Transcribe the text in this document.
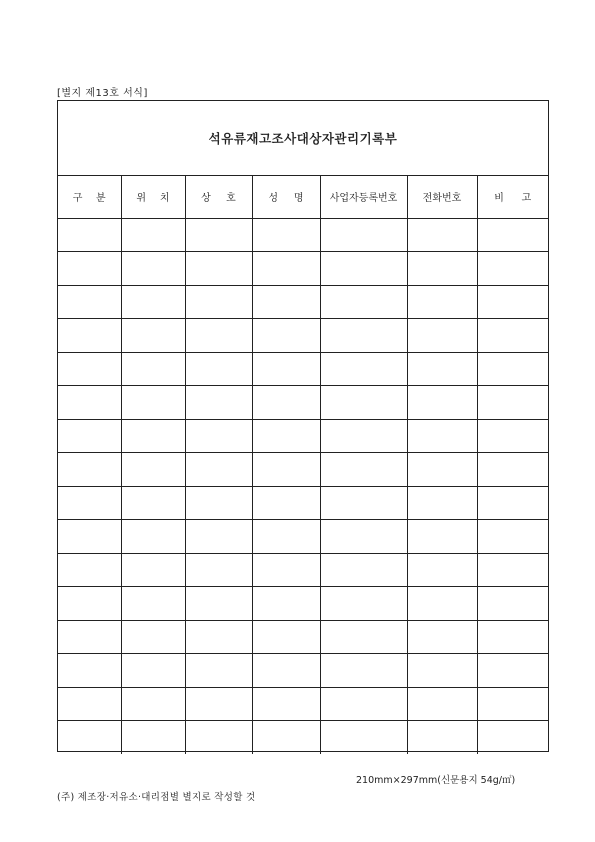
[별지 제13호 서식]
석유류재고조사대상자관리기록부
구 분	위 치	상 호	성 명	사업자등록번호	전화번호	비 고

210mm×297mm(신문용지 54g/㎡)
(주) 제조장·저유소·대리점별 별지로 작성할 것
